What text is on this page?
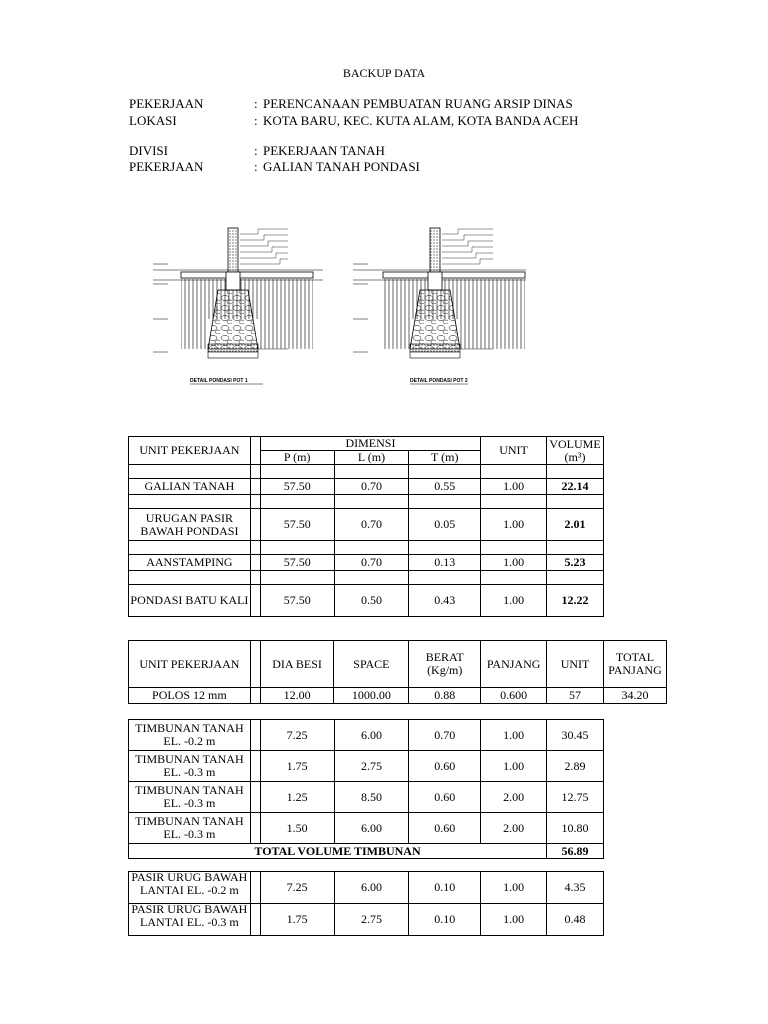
BACKUP DATA
PEKERJAAN	: PERENCANAAN PEMBUATAN RUANG ARSIP DINAS
LOKASI	: KOTA BARU, KEC. KUTA ALAM, KOTA BANDA ACEH
DIVISI	: PEKERJAAN TANAH
PEKERJAAN	: GALIAN TANAH PONDASI
DETAIL PONDASI POT 1	DETAIL PONDASI POT 2
UNIT PEKERJAAN		DIMENSI			UNIT	VOLUME
(m³)
		P (m)	L (m)	T (m)		

GALIAN TANAH		57.50	0.70	0.55	1.00	22.14

URUGAN PASIR BAWAH PONDASI		57.50	0.70	0.05	1.00	2.01

AANSTAMPING		57.50	0.70	0.13	1.00	5.23

PONDASI BATU KALI		57.50	0.50	0.43	1.00	12.22
UNIT PEKERJAAN		DIA BESI	SPACE	BERAT (Kg/m)	PANJANG	UNIT	TOTAL PANJANG
POLOS 12 mm		12.00	1000.00	0.88	0.600	57	34.20
TIMBUNAN TANAH EL. -0.2 m		7.25	6.00	0.70	1.00	30.45
TIMBUNAN TANAH EL. -0.3 m		1.75	2.75	0.60	1.00	2.89
TIMBUNAN TANAH EL. -0.3 m		1.25	8.50	0.60	2.00	12.75
TIMBUNAN TANAH EL. -0.3 m		1.50	6.00	0.60	2.00	10.80
TOTAL VOLUME TIMBUNAN						56.89
PASIR URUG BAWAH LANTAI EL. -0.2 m		7.25	6.00	0.10	1.00	4.35

PASIR URUG BAWAH LANTAI EL. -0.3 m		1.75	2.75	0.10	1.00	0.48
